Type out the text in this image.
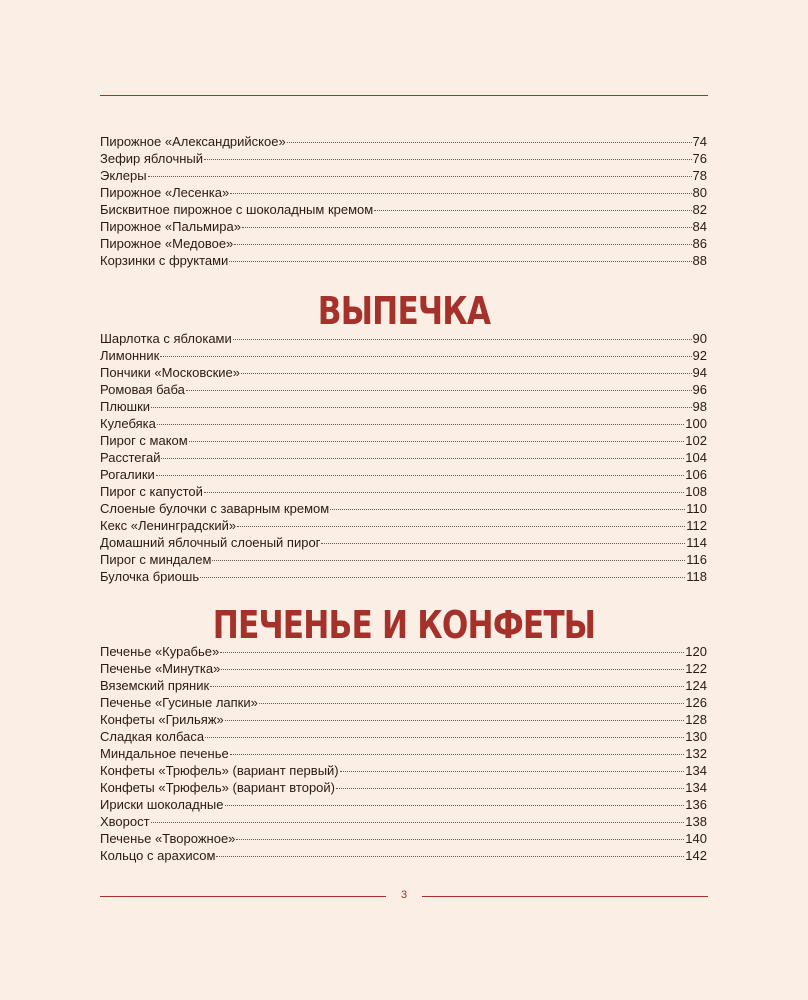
Пирожное «Александрийское»	74
Зефир яблочный	76
Эклеры	78
Пирожное «Лесенка»	80
Бисквитное пирожное с шоколадным кремом	82
Пирожное «Пальмира»	84
Пирожное «Медовое»	86
Корзинки с фруктами	88
ВЫПЕЧКА
Шарлотка с яблоками	90
Лимонник	92
Пончики «Московские»	94
Ромовая баба	96
Плюшки	98
Кулебяка	100
Пирог с маком	102
Расстегай	104
Рогалики	106
Пирог с капустой	108
Слоеные булочки с заварным кремом	110
Кекс «Ленинградский»	112
Домашний яблочный слоеный пирог	114
Пирог с миндалем	116
Булочка бриошь	118
ПЕЧЕНЬЕ И КОНФЕТЫ
Печенье «Курабье»	120
Печенье «Минутка»	122
Вяземский пряник	124
Печенье «Гусиные лапки»	126
Конфеты «Грильяж»	128
Сладкая колбаса	130
Миндальное печенье	132
Конфеты «Трюфель» (вариант первый)	134
Конфеты «Трюфель» (вариант второй)	134
Ириски шоколадные	136
Хворост	138
Печенье «Творожное»	140
Кольцо с арахисом	142
3
